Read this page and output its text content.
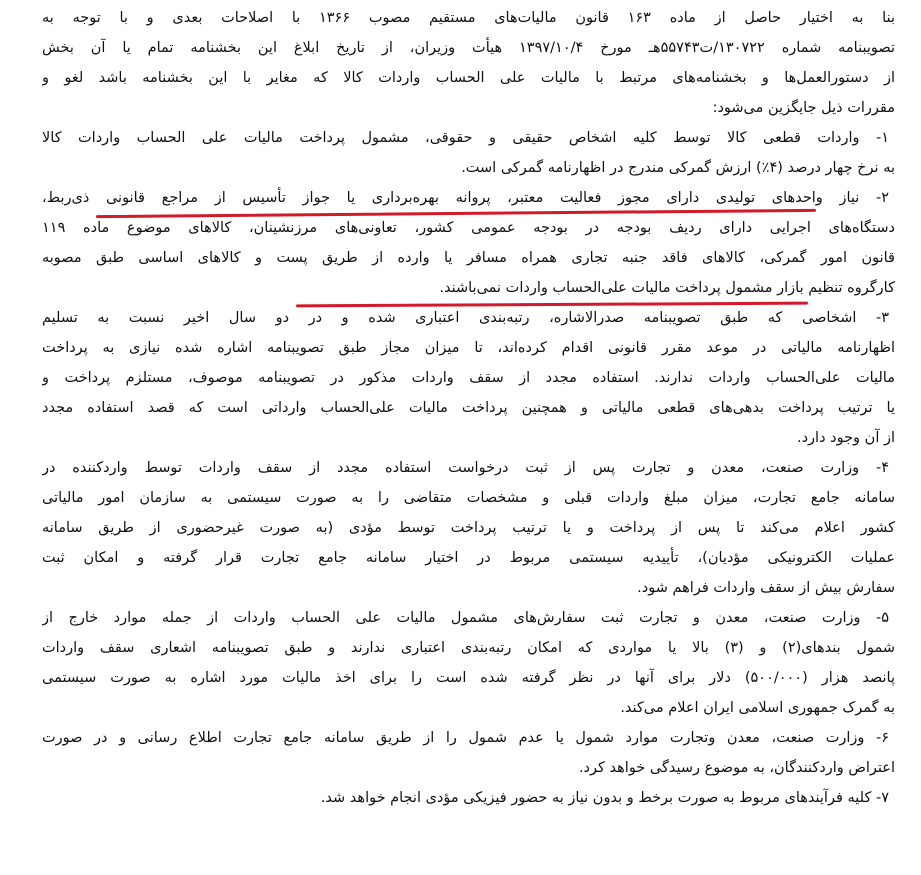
بنا به اختیار حاصل از ماده ۱۶۳ قانون مالیات‌های مستقیم مصوب ۱۳۶۶ با اصلاحات بعدی و با توجه به
تصویبنامه شماره ۱۳۰۷۲۲/ت۵۵۷۴۳هـ مورخ ۱۳۹۷/۱۰/۴ هیأت وزیران، از تاریخ ابلاغ این بخشنامه تمام یا آن بخش
از دستورالعمل‌ها و بخشنامه‌های مرتبط با مالیات علی الحساب واردات کالا که مغایر با این بخشنامه باشد لغو و
مقررات ذیل جایگزین می‌شود:
۱- واردات قطعی کالا توسط کلیه اشخاص حقیقی و حقوقی، مشمول پرداخت مالیات علی الحساب واردات کالا
به نرخ چهار درصد (۴٪) ارزش گمرکی مندرج در اظهارنامه گمرکی است.
۲- نیاز واحدهای تولیدی دارای مجوز فعالیت معتبر، پروانه بهره‌برداری یا جواز تأسیس از مراجع قانونی ذی‌ربط،
دستگاه‌های اجرایی دارای ردیف بودجه در بودجه عمومی کشور، تعاونی‌های مرزنشینان، کالاهای موضوع ماده ۱۱۹
قانون امور گمرکی، کالاهای فاقد جنبه تجاری همراه مسافر یا وارده از طریق پست و کالاهای اساسی طبق مصوبه
کارگروه تنظیم بازار مشمول پرداخت مالیات علی‌الحساب واردات نمی‌باشند.
۳- اشخاصی که طبق تصویبنامه صدرالاشاره، رتبه‌بندی اعتباری شده و در دو سال اخیر نسبت به تسلیم
اظهارنامه مالیاتی در موعد مقرر قانونی اقدام کرده‌اند، تا میزان مجاز طبق تصویبنامه اشاره شده نیازی به پرداخت
مالیات علی‌الحساب واردات ندارند. استفاده مجدد از سقف واردات مذکور در تصویبنامه موصوف، مستلزم پرداخت و
یا ترتیب پرداخت بدهی‌های قطعی مالیاتی و همچنین پرداخت مالیات علی‌الحساب وارداتی است که قصد استفاده مجدد
از آن وجود دارد.
۴- وزارت صنعت، معدن و تجارت پس از ثبت درخواست استفاده مجدد از سقف واردات توسط واردکننده در
سامانه جامع تجارت، میزان مبلغ واردات قبلی و مشخصات متقاضی را به صورت سیستمی به سازمان امور مالیاتی
کشور اعلام می‌کند تا پس از پرداخت و یا ترتیب پرداخت توسط مؤدی (به صورت غیرحضوری از طریق سامانه
عملیات الکترونیکی مؤدیان)، تأییدیه سیستمی مربوط در اختیار سامانه جامع تجارت قرار گرفته و امکان ثبت
سفارش بیش از سقف واردات فراهم شود.
۵- وزارت صنعت، معدن و تجارت ثبت سفارش‌های مشمول مالیات علی الحساب واردات از جمله موارد خارج از
شمول بندهای(۲) و (۳) بالا یا مواردی که امکان رتبه‌بندی اعتباری ندارند و طبق تصویبنامه اشعاری سقف واردات
پانصد هزار (۵۰۰/۰۰۰) دلار برای آنها در نظر گرفته شده است را برای اخذ مالیات مورد اشاره به صورت سیستمی
به گمرک جمهوری اسلامی ایران اعلام می‌کند.
۶- وزارت صنعت، معدن وتجارت موارد شمول یا عدم شمول را از طریق سامانه جامع تجارت اطلاع رسانی و در صورت
اعتراض واردکنندگان، به موضوع رسیدگی خواهد کرد.
۷- کلیه فرآیندهای مربوط به صورت برخط و بدون نیاز به حضور فیزیکی مؤدی انجام خواهد شد.
